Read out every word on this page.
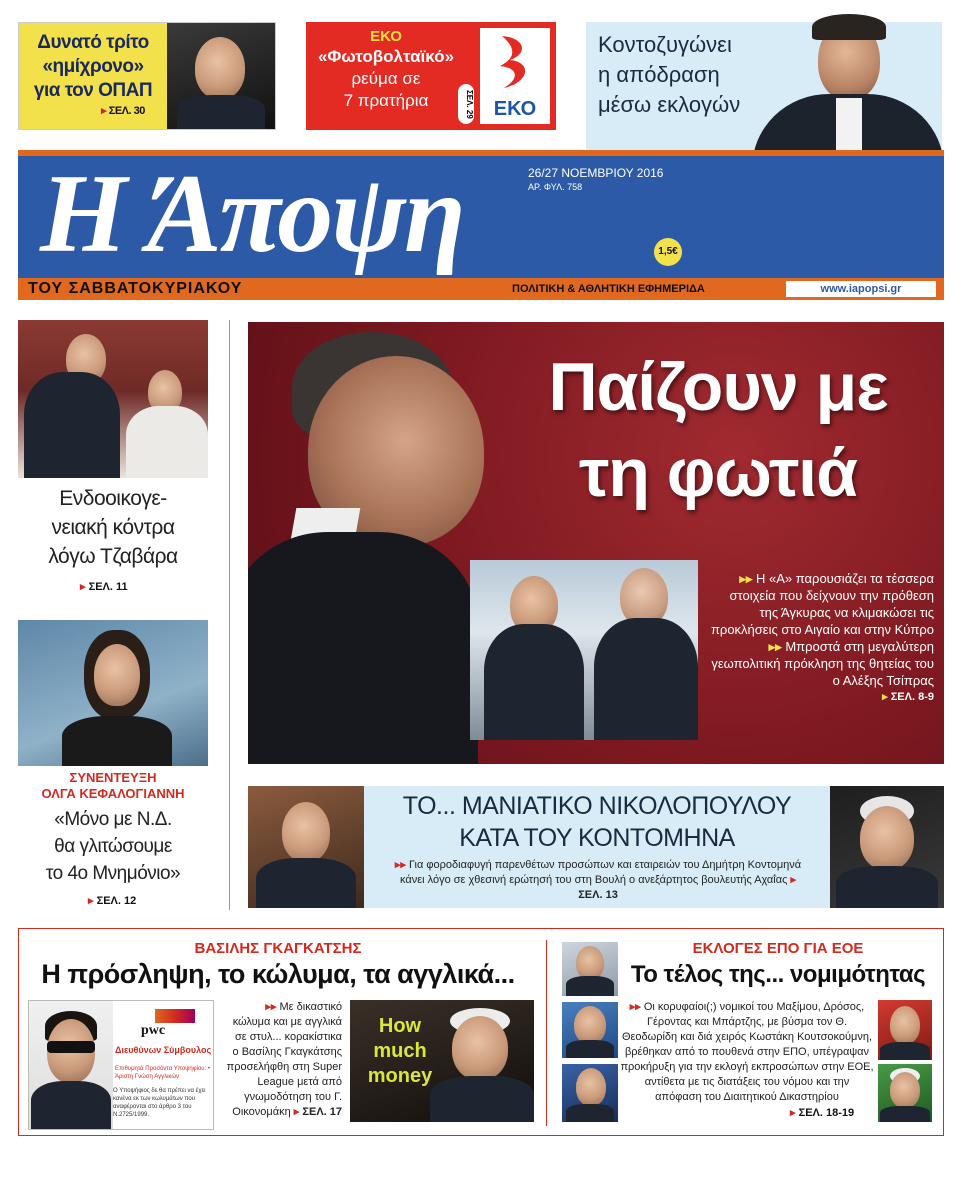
Δυνατό τρίτο
«ημίχρονο»
για τον ΟΠΑΠ
▸ ΣΕΛ. 30
ΕΚΟ
«Φωτοβολταϊκό»
ρεύμα σε
7 πρατήρια	ΣΕΛ. 29 ΕΚΟ
Κοντοζυγώνει
η απόδραση
μέσω εκλογών
Η Άποψη	26/27 ΝΟΕΜΒΡΙΟΥ 2016
ΑΡ. ΦΥΛ. 758
1,5€
ΤΟΥ ΣΑΒΒΑΤΟΚΥΡΙΑΚΟΥ	ΠΟΛΙΤΙΚΗ & ΑΘΛΗΤΙΚΗ ΕΦΗΜΕΡΙΔΑ	www.iapopsi.gr
Ενδοοικογε-
νειακή κόντρα
λόγω Τζαβάρα
▸ ΣΕΛ. 11
ΣΥΝΕΝΤΕΥΞΗ
ΟΛΓΑ ΚΕΦΑΛΟΓΙΑΝΝΗ
«Μόνο με Ν.Δ.
θα γλιτώσουμε
το 4ο Μνημόνιο»
▸ ΣΕΛ. 12
Παίζουν με
τη φωτιά
▸▸ Η «Α» παρουσιάζει τα τέσσερα στοιχεία που δείχνουν την πρόθεση της Άγκυρας να κλιμακώσει τις προκλήσεις στο Αιγαίο και στην Κύπρο
▸▸ Μπροστά στη μεγαλύτερη γεωπολιτική πρόκληση της θητείας του ο Αλέξης Τσίπρας
▸ ΣΕΛ. 8-9
ΤΟ... ΜΑΝΙΑΤΙΚΟ ΝΙΚΟΛΟΠΟΥΛΟΥ
ΚΑΤΑ ΤΟΥ ΚΟΝΤΟΜΗΝΑ
▸▸ Για φοροδιαφυγή παρενθέτων προσώπων και εταιρειών του Δημήτρη Κοντομηνά κάνει λόγο σε χθεσινή ερώτησή του στη Βουλή ο ανεξάρτητος βουλευτής Αχαΐας ▸ ΣΕΛ. 13
ΒΑΣΙΛΗΣ ΓΚΑΓΚΑΤΣΗΣ
Η πρόσληψη, το κώλυμα, τα αγγλικά...
pwc
Διευθύνων Σύμβουλος
Επιθυμητά Προσόντα Υποψηφίου: • Άριστη Γνώση Αγγλικών
Ο Υποψήφιος δε θα πρέπει να έχει κανένα εκ των κωλυμάτων που αναφέρονται στο άρθρο 3 του Ν.2725/1999.
▸▸ Με δικαστικό κώλυμα και με αγγλικά σε στυλ... κορακίστικα ο Βασίλης Γκαγκάτσης προσελήφθη στη Super League μετά από γνωμοδότηση του Γ. Οικονομάκη ▸ ΣΕΛ. 17
How much money
ΕΚΛΟΓΕΣ ΕΠΟ ΓΙΑ ΕΟΕ
Το τέλος της... νομιμότητας
▸▸ Οι κορυφαίοι(;) νομικοί του Μαξίμου, Δρόσος, Γέροντας και Μπάρτζης, με βύσμα τον Θ. Θεοδωρίδη και διά χειρός Κωστάκη Κουτσοκούμνη, βρέθηκαν από το πουθενά στην ΕΠΟ, υπέγραψαν προκήρυξη για την εκλογή εκπροσώπων στην ΕΟΕ, αντίθετα με τις διατάξεις του νόμου και την απόφαση του Διαιτητικού Δικαστηρίου
▸ ΣΕΛ. 18-19
